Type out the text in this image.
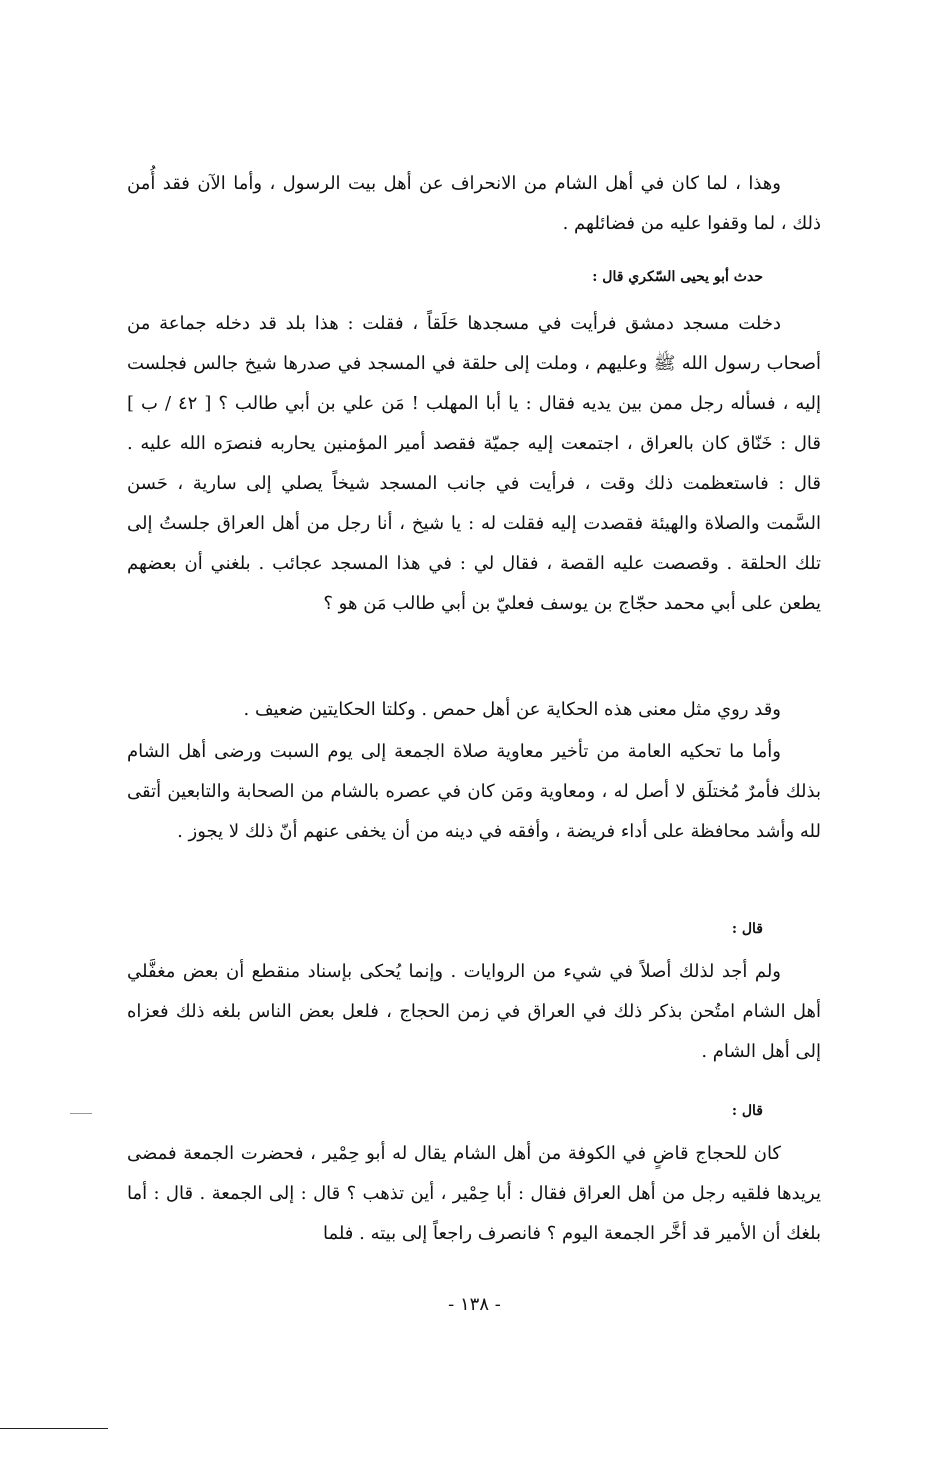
وهذا ، لما كان في أهل الشام من الانحراف عن أهل بيت الرسول ، وأما الآن فقد أُمن ذلك ، لما وقفوا عليه من فضائلهم .

حدث أبو يحيى السّكري قال :

دخلت مسجد دمشق فرأيت في مسجدها حَلَقاً ، فقلت : هذا بلد قد دخله جماعة من أصحاب رسول الله ﷺ وعليهم ، وملت إلى حلقة في المسجد في صدرها شيخ جالس فجلست إليه ، فسأله رجل ممن بين يديه فقال : يا أبا المهلب ! مَن علي بن أبي طالب ؟ [ ٤٢ / ب ] قال : خَنّاق كان بالعراق ، اجتمعت إليه جميّة فقصد أمير المؤمنين يحاربه فنصرَه الله عليه . قال : فاستعظمت ذلك وقت ، فرأيت في جانب المسجد شيخاً يصلي إلى سارية ، حَسن السَّمت والصلاة والهيئة فقصدت إليه فقلت له : يا شيخ ، أنا رجل من أهل العراق جلستُ إلى تلك الحلقة . وقصصت عليه القصة ، فقال لي : في هذا المسجد عجائب . بلغني أن بعضهم يطعن على أبي محمد حجّاج بن يوسف فعليّ بن أبي طالب مَن هو ؟

وقد روي مثل معنى هذه الحكاية عن أهل حمص . وكلتا الحكايتين ضعيف .

وأما ما تحكيه العامة من تأخير معاوية صلاة الجمعة إلى يوم السبت ورضى أهل الشام بذلك فأمرٌ مُختلَق لا أصل له ، ومعاوية ومَن كان في عصره بالشام من الصحابة والتابعين أتقى لله وأشد محافظة على أداء فريضة ، وأفقه في دينه من أن يخفى عنهم أنّ ذلك لا يجوز .

قال :

ولم أجد لذلك أصلاً في شيء من الروايات . وإنما يُحكى بإسناد منقطع أن بعض مغفَّلي أهل الشام امتُحن بذكر ذلك في العراق في زمن الحجاج ، فلعل بعض الناس بلغه ذلك فعزاه إلى أهل الشام .

قال :

كان للحجاج قاضٍ في الكوفة من أهل الشام يقال له أبو حِمْير ، فحضرت الجمعة فمضى يريدها فلقيه رجل من أهل العراق فقال : أبا حِمْير ، أين تذهب ؟ قال : إلى الجمعة . قال : أما بلغك أن الأمير قد أخَّر الجمعة اليوم ؟ فانصرف راجعاً إلى بيته . فلما

- ١٣٨ -
